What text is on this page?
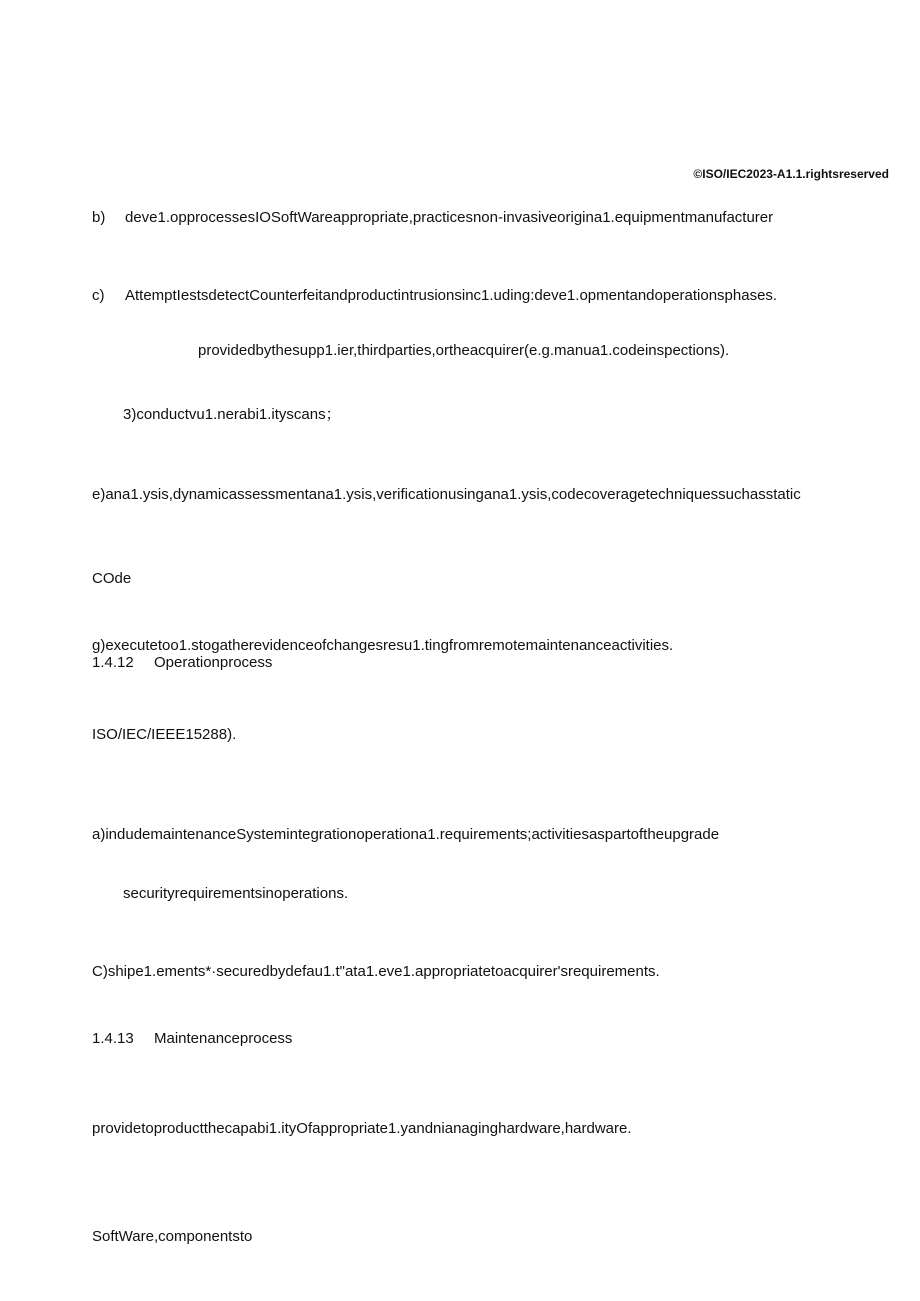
©ISO/IEC2023-A1.1.rightsreserved
b) deve1.opprocessesIOSoftWareappropriate,practicesnon-invasiveorigina1.equipmentmanufacturer
c) AttemptIestsdetectCounterfeitandproductintrusionsinc1.uding:deve1.opmentandoperationsphases.
providedbythesupp1.ier,thirdparties,ortheacquirer(e.g.manua1.codeinspections).
3)conductvu1.nerabi1.ityscans；
e)ana1.ysis,dynamicassessmentana1.ysis,verificationusingana1.ysis,codecoveragetechniquessuchasstatic
COde
g)executetoo1.stogatherevidenceofchangesresu1.tingfromremotemaintenanceactivities.
1.4.12 Operationprocess
ISO/IEC/IEEE15288).
a)indudemaintenanceSystemintegrationoperationa1.requirements;activitiesaspartoftheupgrade
securityrequirementsinoperations.
C)shipe1.ements*·securedbydefau1.t"ata1.eve1.appropriatetoacquirer'srequirements.
1.4.13 Maintenanceprocess
providetoproductthecapabi1.ityOfappropriate1.yandnianaginghardware,hardware.
SoftWare,componentsto
